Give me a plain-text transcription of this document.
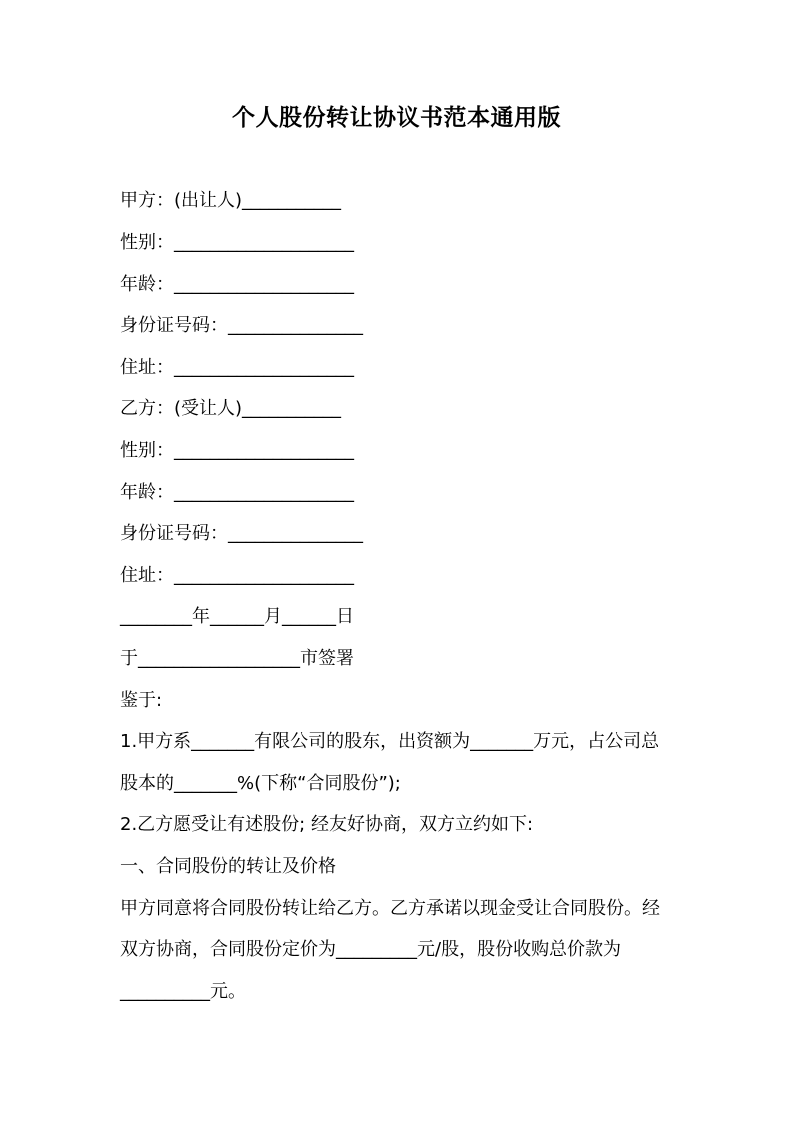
个人股份转让协议书范本通用版

甲方：(出让人)___________

性别：____________________

年龄：____________________

身份证号码：_______________

住址：____________________

乙方：(受让人)___________

性别：____________________

年龄：____________________

身份证号码：_______________

住址：____________________

________年______月______日

于__________________市签署

鉴于:

1.甲方系_______有限公司的股东，出资额为_______万元，占公司总

股本的_______%(下称“合同股份”);

2.乙方愿受让有述股份; 经友好协商，双方立约如下:

一、合同股份的转让及价格

甲方同意将合同股份转让给乙方。乙方承诺以现金受让合同股份。经

双方协商，合同股份定价为_________元/股，股份收购总价款为

__________元。
